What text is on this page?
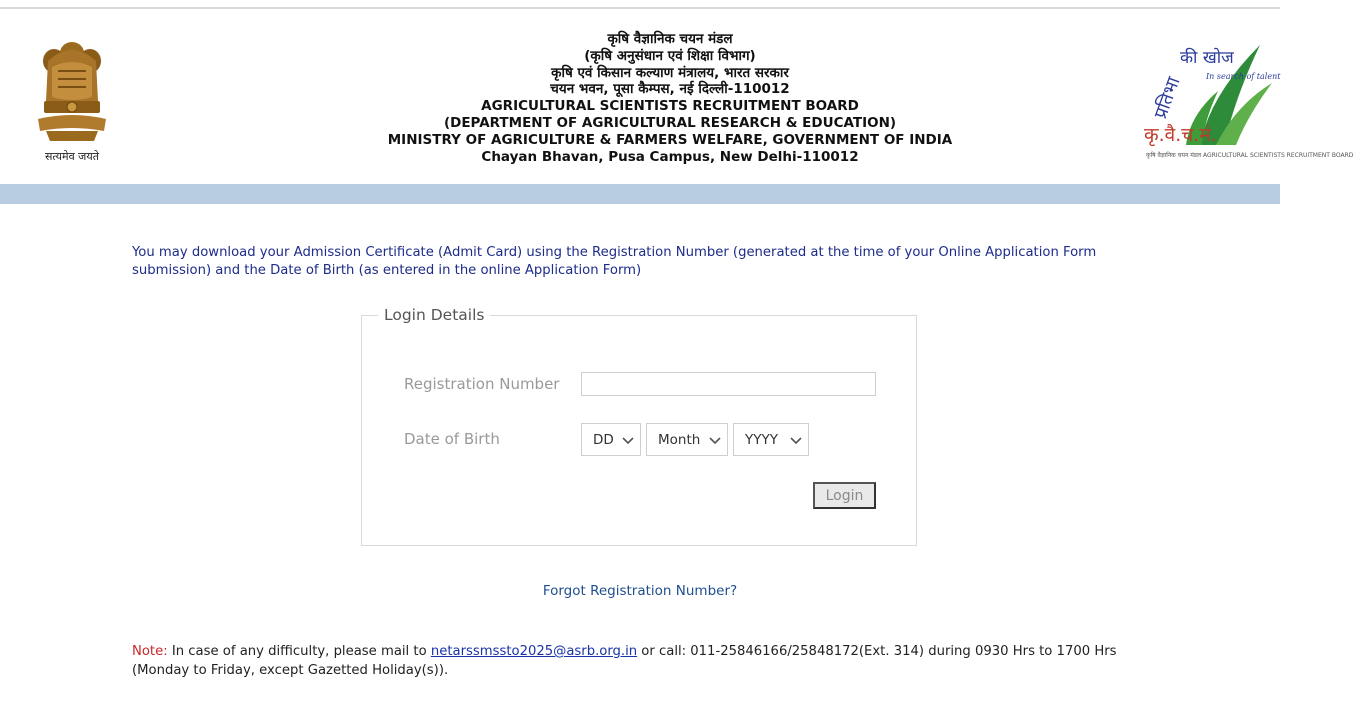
सत्यमेव जयते
कृषि वैज्ञानिक चयन मंडल
(कृषि अनुसंधान एवं शिक्षा विभाग)
कृषि एवं किसान कल्याण मंत्रालय, भारत सरकार
चयन भवन, पूसा कैम्पस, नई दिल्ली-110012
AGRICULTURAL SCIENTISTS RECRUITMENT BOARD
(DEPARTMENT OF AGRICULTURAL RESEARCH & EDUCATION)
MINISTRY OF AGRICULTURE & FARMERS WELFARE, GOVERNMENT OF INDIA
Chayan Bhavan, Pusa Campus, New Delhi-110012
प्रतिभा
की खोज
In search of talent
कृ.वै.च.मं.
कृषि वैज्ञानिक चयन मंडल AGRICULTURAL SCIENTISTS RECRUITMENT BOARD
You may download your Admission Certificate (Admit Card) using the Registration Number (generated at the time of your Online Application Form submission) and the Date of Birth (as entered in the online Application Form)
Login Details
Registration Number
Date of Birth	DD	Month	YYYY
Login
Forgot Registration Number?
Note: In case of any difficulty, please mail to netarssmssto2025@asrb.org.in or call: 011-25846166/25848172(Ext. 314) during 0930 Hrs to 1700 Hrs (Monday to Friday, except Gazetted Holiday(s)).
